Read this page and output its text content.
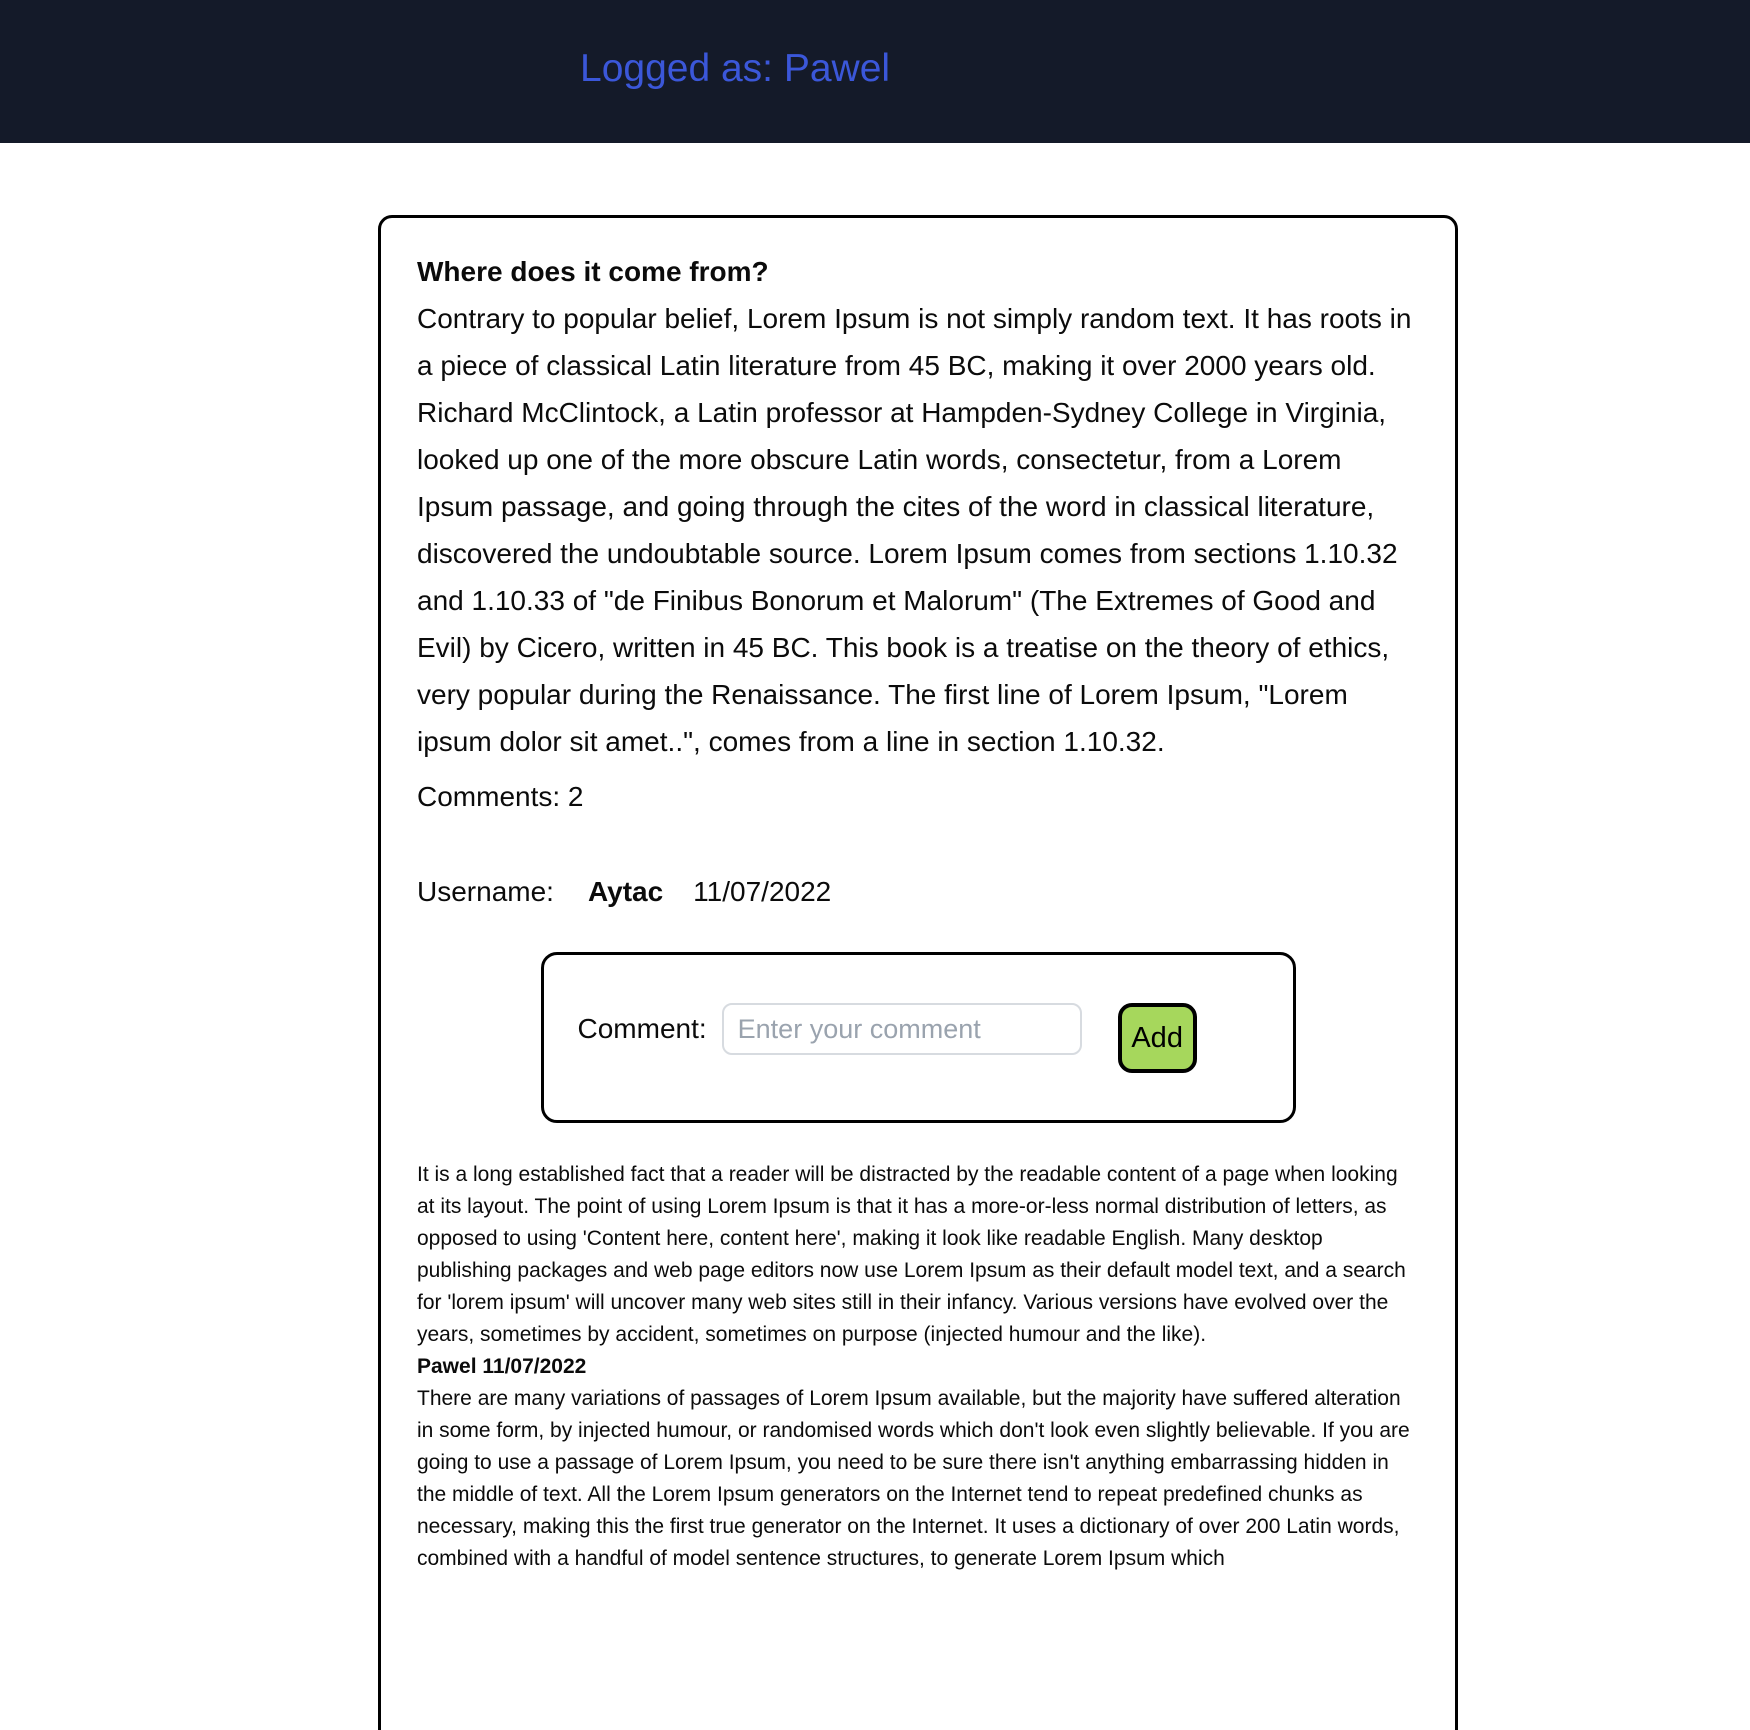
Logged as: Pawel
Where does it come from?

Contrary to popular belief, Lorem Ipsum is not simply random text. It has roots in a piece of classical Latin literature from 45 BC, making it over 2000 years old. Richard McClintock, a Latin professor at Hampden-Sydney College in Virginia, looked up one of the more obscure Latin words, consectetur, from a Lorem Ipsum passage, and going through the cites of the word in classical literature, discovered the undoubtable source. Lorem Ipsum comes from sections 1.10.32 and 1.10.33 of "de Finibus Bonorum et Malorum" (The Extremes of Good and Evil) by Cicero, written in 45 BC. This book is a treatise on the theory of ethics, very popular during the Renaissance. The first line of Lorem Ipsum, "Lorem ipsum dolor sit amet..", comes from a line in section 1.10.32.

Comments: 2

Username: Aytac 11/07/2022
Comment:
Enter your comment	Add

It is a long established fact that a reader will be distracted by the readable content of a page when looking at its layout. The point of using Lorem Ipsum is that it has a more-or-less normal distribution of letters, as opposed to using 'Content here, content here', making it look like readable English. Many desktop publishing packages and web page editors now use Lorem Ipsum as their default model text, and a search for 'lorem ipsum' will uncover many web sites still in their infancy. Various versions have evolved over the years, sometimes by accident, sometimes on purpose (injected humour and the like).

Pawel 11/07/2022

There are many variations of passages of Lorem Ipsum available, but the majority have suffered alteration in some form, by injected humour, or randomised words which don't look even slightly believable. If you are going to use a passage of Lorem Ipsum, you need to be sure there isn't anything embarrassing hidden in the middle of text. All the Lorem Ipsum generators on the Internet tend to repeat predefined chunks as necessary, making this the first true generator on the Internet. It uses a dictionary of over 200 Latin words, combined with a handful of model sentence structures, to generate Lorem Ipsum which
